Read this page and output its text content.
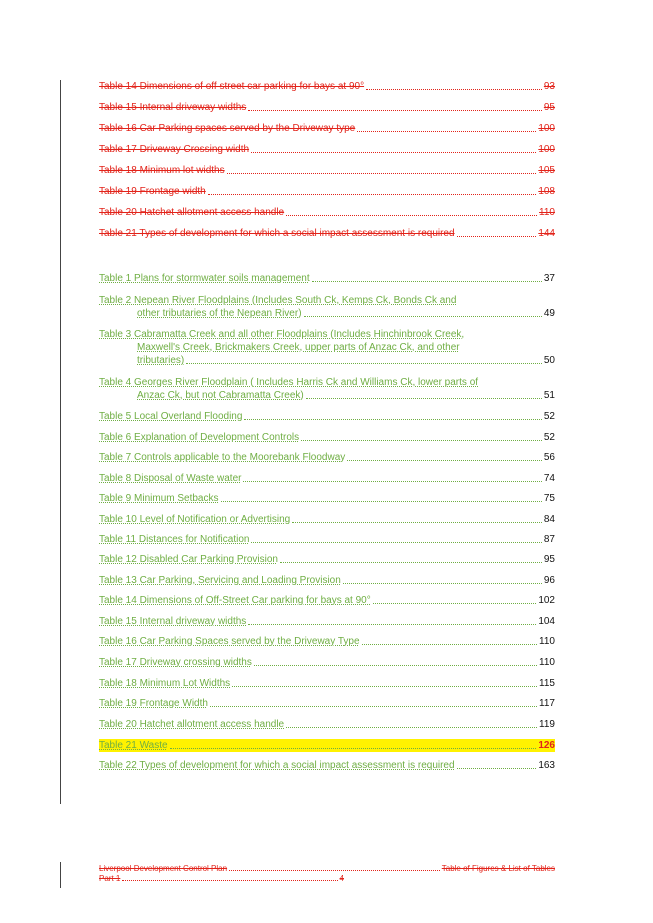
Table 14 Dimensions of off street car parking for bays at 90°	93
Table 15 Internal driveway widths	95
Table 16 Car Parking spaces served by the Driveway type	100
Table 17 Driveway Crossing width	100
Table 18 Minimum lot widths	105
Table 19 Frontage width	108
Table 20 Hatchet allotment access handle	110
Table 21 Types of development for which a social impact assessment is required	144
Table 1 Plans for stormwater soils management	37
Table 2 Nepean River Floodplains (Includes South Ck, Kemps Ck, Bonds Ck and
other tributaries of the Nepean River)	49
Table 3 Cabramatta Creek and all other Floodplains (Includes Hinchinbrook Creek,
Maxwell's Creek, Brickmakers Creek, upper parts of Anzac Ck, and other
tributaries)	50
Table 4 Georges River Floodplain ( Includes Harris Ck and Williams Ck, lower parts of
Anzac Ck, but not Cabramatta Creek)	51
Table 5 Local Overland Flooding	52
Table 6 Explanation of Development Controls	52
Table 7 Controls applicable to the Moorebank Floodway	56
Table 8 Disposal of Waste water	74
Table 9 Minimum Setbacks	75
Table 10 Level of Notification or Advertising	84
Table 11 Distances for Notification	87
Table 12 Disabled Car Parking Provision	95
Table 13 Car Parking, Servicing and Loading Provision	96
Table 14 Dimensions of Off-Street Car parking for bays at 90°	102
Table 15 Internal driveway widths	104
Table 16 Car Parking Spaces served by the Driveway Type	110
Table 17 Driveway crossing widths	110
Table 18 Minimum Lot Widths	115
Table 19 Frontage Width	117
Table 20 Hatchet allotment access handle	119
Table 21 Waste	126
Table 22 Types of development for which a social impact assessment is required	163
Liverpool Development Control Plan	Table of Figures & List of Tables
Part 1	4
